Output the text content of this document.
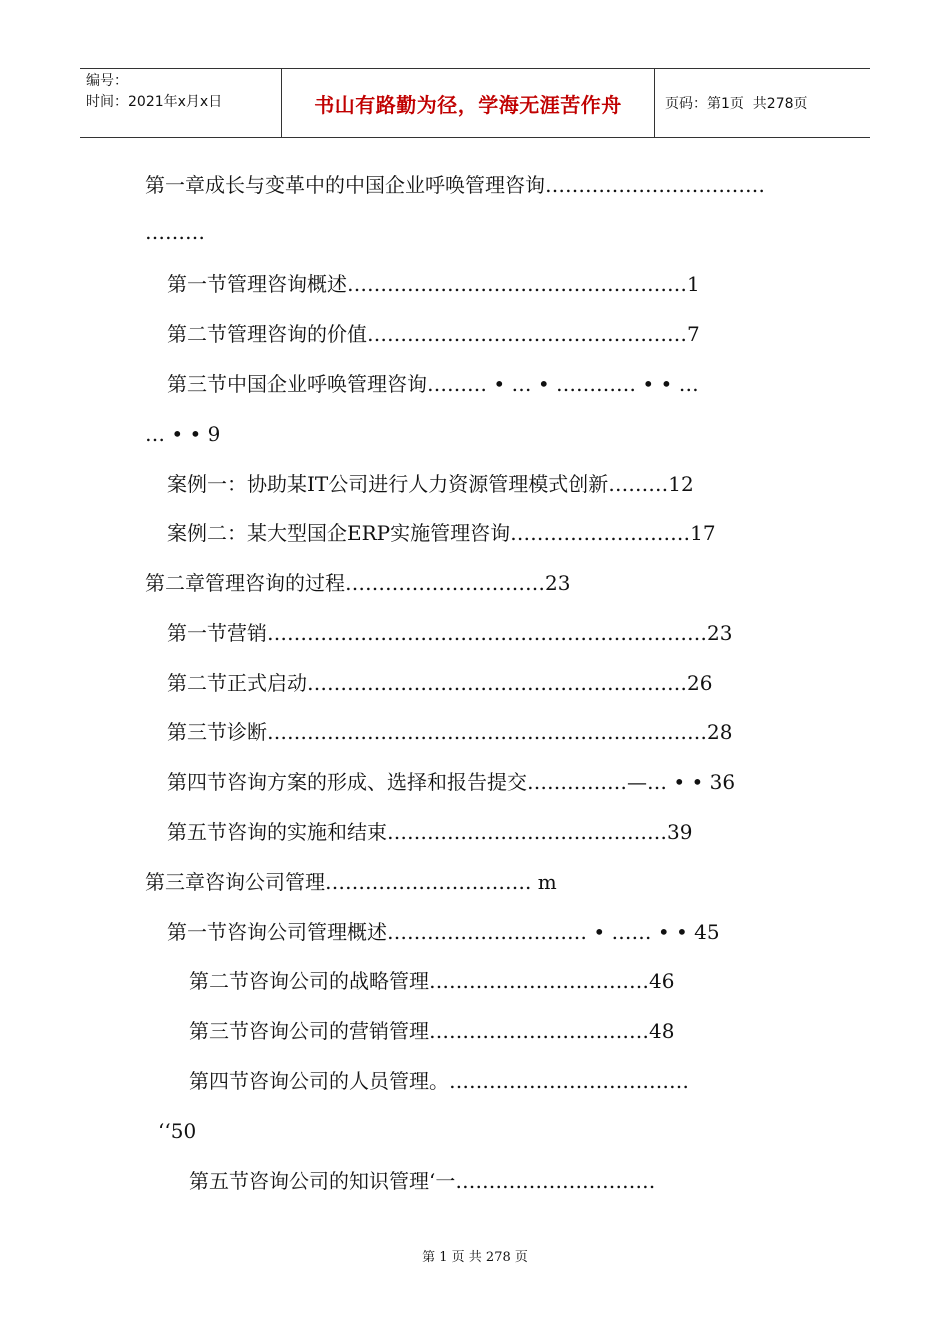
编号：
时间：2021年x月x日	书山有路勤为径，学海无涯苦作舟	页码：第1页  共278页
第一章成长与变革中的中国企业呼唤管理咨询……………………………
………
第一节管理咨询概述……………………………………………1
第二节管理咨询的价值…………………………………………7
第三节中国企业呼唤管理咨询……… • … • ………… • • …
… • • 9
案例一：协助某IT公司进行人力资源管理模式创新………12
案例二：某大型国企ERP实施管理咨询………………………17
第二章管理咨询的过程…………………………23
第一节营销…………………………………………………………23
第二节正式启动…………………………………………………26
第三节诊断…………………………………………………………28
第四节咨询方案的形成、选择和报告提交……………—… • • 36
第五节咨询的实施和结束……………………………………39
第三章咨询公司管理…………………………. m
第一节咨询公司管理概述………………………… • …… • • 45
第二节咨询公司的战略管理……………………………46
第三节咨询公司的营销管理……………………………48
第四节咨询公司的人员管理。………………………………
‘‘50
第五节咨询公司的知识管理‘一…………………………
第 1 页 共 278 页
